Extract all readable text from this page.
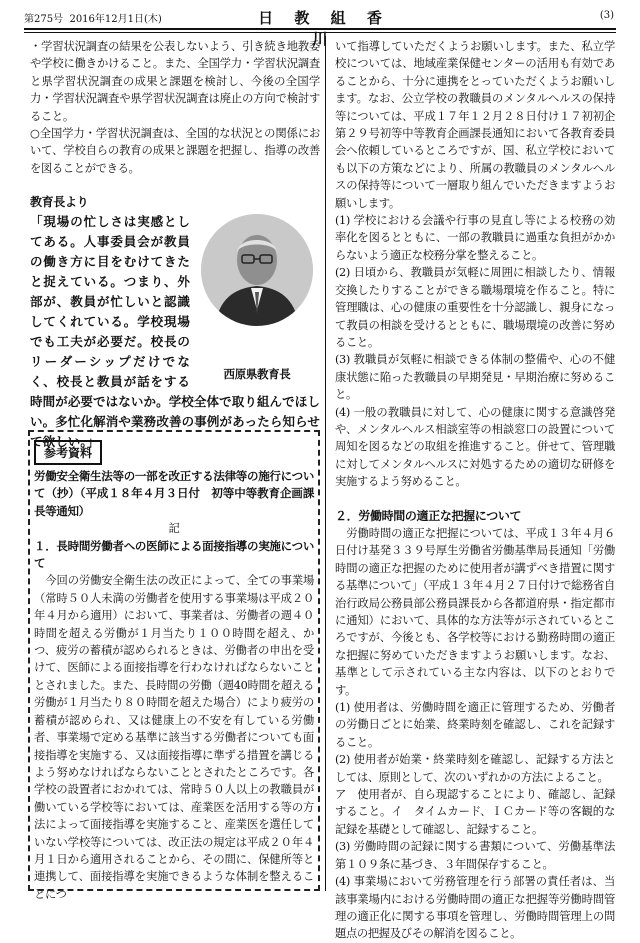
第275号 2016年12月1日(木)	日 教 組 香 川
(3)

・学習状況調査の結果を公表しないよう、引き続き地教委や学校に働きかけること。また、全国学力・学習状況調査と県学習状況調査の成果と課題を検討し、今後の全国学力・学習状況調査や県学習状況調査は廃止の方向で検討すること。

○全国学力・学習状況調査は、全国的な状況との関係において、学校自らの教育の成果と課題を把握し、指導の改善を図ることができる。

教育長より

西原県教育長

「現場の忙しさは実感としてある。人事委員会が教員の働き方に目をむけてきたと捉えている。つまり、外部が、教員が忙しいと認識してくれている。学校現場でも工夫が必要だ。校長のリーダーシップだけでなく、校長と教員が話をする時間が必要ではないか。学校全体で取り組んでほしい。多忙化解消や業務改善の事例があったら知らせて欲しい。」

参考資料

労働安全衛生法等の一部を改正する法律等の施行について（抄）（平成１８年４月３日付　初等中等教育企画課長等通知）

記

１．長時間労働者への医師による面接指導の実施について

今回の労働安全衛生法の改正によって、全ての事業場（常時５０人未満の労働者を使用する事業場は平成２０年４月から適用）において、事業者は、労働者の週４０時間を超える労働が１月当たり１００時間を超え、かつ、疲労の蓄積が認められるときは、労働者の申出を受けて、医師による面接指導を行わなければならないこととされました。また、長時間の労働（週40時間を超える労働が１月当たり８０時間を超えた場合）により疲労の蓄積が認められ、又は健康上の不安を有している労働者、事業場で定める基準に該当する労働者についても面接指導を実施する、又は面接指導に準ずる措置を講じるよう努めなければならないこととされたところです。各学校の設置者におかれては、常時５０人以上の教職員が働いている学校等においては、産業医を活用する等の方法によって面接指導を実施すること、産業医を選任していない学校等については、改正法の規定は平成２０年４月１日から適用されることから、その間に、保健所等と連携して、面接指導を実施できるような体制を整えることにつ

いて指導していただくようお願いします。また、私立学校については、地域産業保健センターの活用も有効であることから、十分に連携をとっていただくようお願いします。なお、公立学校の教職員のメンタルヘルスの保持等については、平成１７年１２月２８日付け１７初初企第２９号初等中等教育企画課長通知において各教育委員会へ依頼しているところですが、国、私立学校においても以下の方策などにより、所属の教職員のメンタルヘルスの保持等について一層取り組んでいただきますようお願いします。

(1) 学校における会議や行事の見直し等による校務の効率化を図るとともに、一部の教職員に過重な負担がかからないよう適正な校務分掌を整えること。

(2) 日頃から、教職員が気軽に周囲に相談したり、情報交換したりすることができる職場環境を作ること。特に管理職は、心の健康の重要性を十分認識し、親身になって教員の相談を受けるとともに、職場環境の改善に努めること。

(3) 教職員が気軽に相談できる体制の整備や、心の不健康状態に陥った教職員の早期発見・早期治療に努めること。

(4) 一般の教職員に対して、心の健康に関する意識啓発や、メンタルヘルス相談室等の相談窓口の設置について周知を図るなどの取組を推進すること。併せて、管理職に対してメンタルヘルスに対処するための適切な研修を実施するよう努めること。

２．労働時間の適正な把握について

労働時間の適正な把握については、平成１３年４月６日付け基発３３９号厚生労働省労働基準局長通知「労働時間の適正な把握のために使用者が講ずべき措置に関する基準について」（平成１３年４月２７日付けで総務省自治行政局公務員部公務員課長から各都道府県・指定都市に通知）において、具体的な方法等が示されているところですが、今後とも、各学校等における勤務時間の適正な把握に努めていただきますようお願いします。なお、基準として示されている主な内容は、以下のとおりです。

(1) 使用者は、労働時間を適正に管理するため、労働者の労働日ごとに始業、終業時刻を確認し、これを記録すること。

(2) 使用者が始業・終業時刻を確認し、記録する方法としては、原則として、次のいずれかの方法によること。

ア　使用者が、自ら現認することにより、確認し、記録すること。イ　タイムカード、ＩＣカード等の客観的な記録を基礎として確認し、記録すること。

(3) 労働時間の記録に関する書類について、労働基準法第１０９条に基づき、３年間保存すること。

(4) 事業場において労務管理を行う部署の責任者は、当該事業場内における労働時間の適正な把握等労働時間管理の適正化に関する事項を管理し、労働時間管理上の問題点の把握及びその解消を図ること。
